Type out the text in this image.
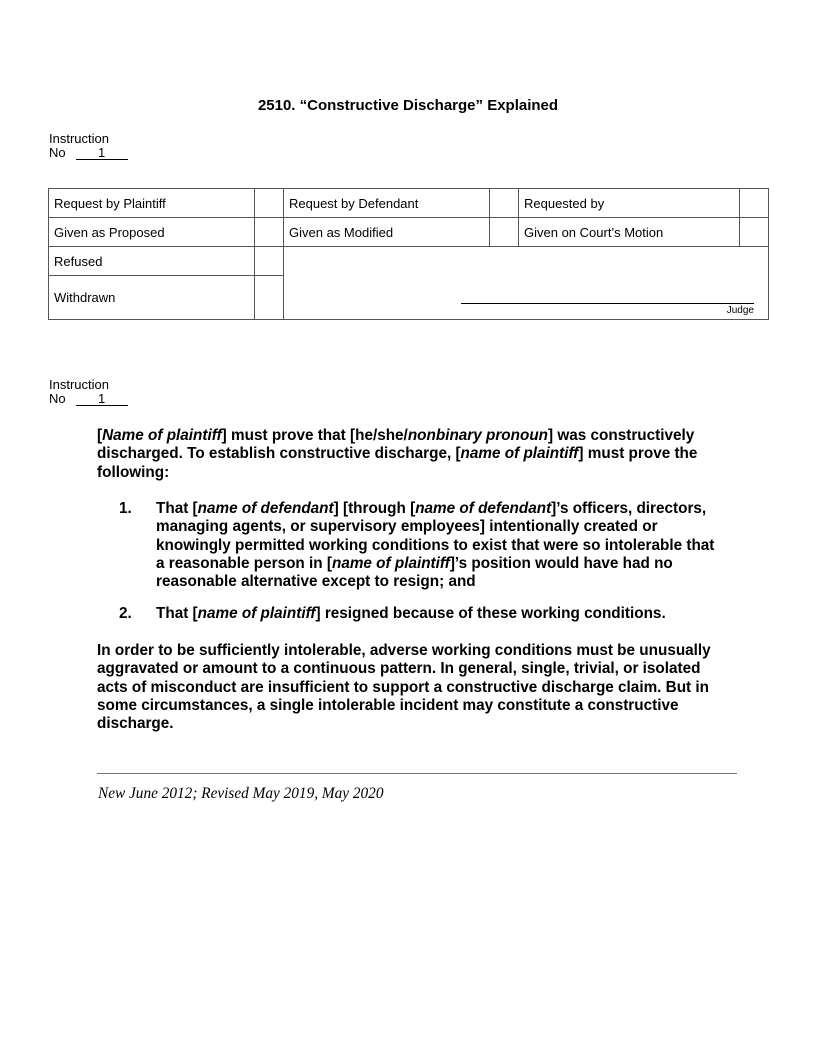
2510. “Constructive Discharge” Explained
Instruction
No 1
Request by Plaintiff		Request by Defendant		Requested by	
Given as Proposed		Given as Modified		Given on Court’s Motion	
Refused		Judge			

Withdrawn					
Instruction
No 1
[Name of plaintiff] must prove that [he/she/nonbinary pronoun] was constructively discharged. To establish constructive discharge, [name of plaintiff] must prove the following:
1.	That [name of defendant] [through [name of defendant]’s officers, directors, managing agents, or supervisory employees] intentionally created or knowingly permitted working conditions to exist that were so intolerable that a reasonable person in [name of plaintiff]’s position would have had no reasonable alternative except to resign; and
2.	That [name of plaintiff] resigned because of these working conditions.
In order to be sufficiently intolerable, adverse working conditions must be unusually aggravated or amount to a continuous pattern. In general, single, trivial, or isolated acts of misconduct are insufficient to support a constructive discharge claim. But in some circumstances, a single intolerable incident may constitute a constructive discharge.
New June 2012; Revised May 2019, May 2020
